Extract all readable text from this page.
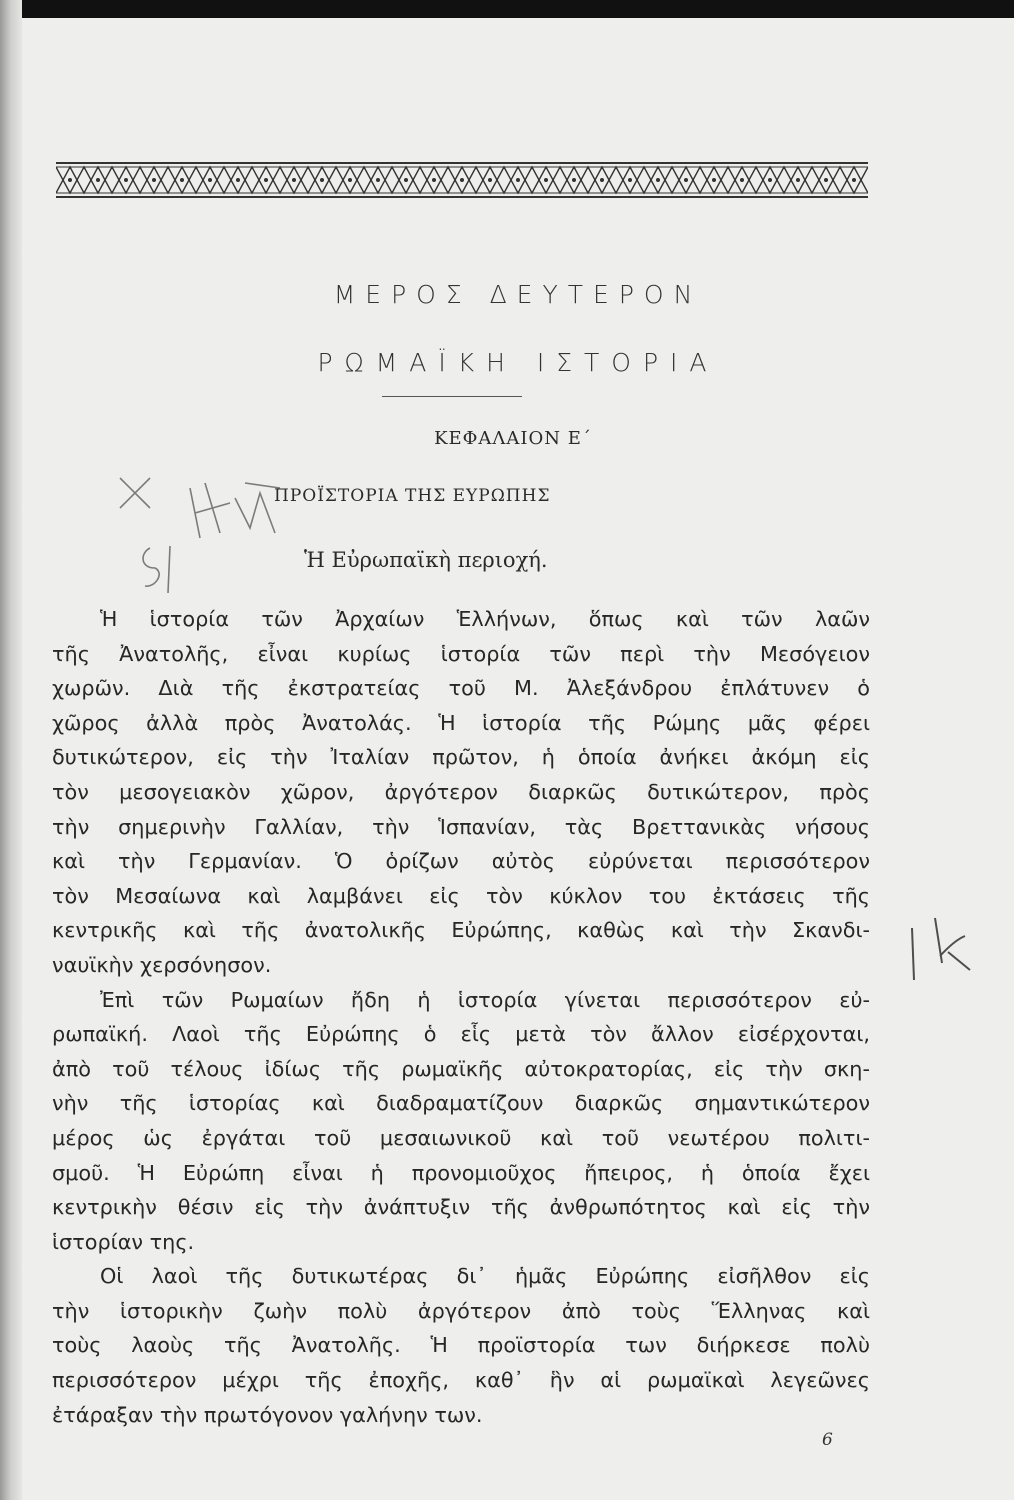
ΜΕΡΟΣ ΔΕΥΤΕΡΟΝ
ΡΩΜΑΪΚΗ ΙΣΤΟΡΙΑ
ΚΕΦΑΛΑΙΟΝ Ε΄
ΠΡΟΪΣΤΟΡΙΑ ΤΗΣ ΕΥΡΩΠΗΣ
Ἡ Εὐρωπαϊκὴ περιοχή.
Ἡ ἱστορία τῶν Ἀρχαίων Ἑλλήνων, ὅπως καὶ τῶν λαῶν
τῆς Ἀνατολῆς, εἶναι κυρίως ἱστορία τῶν περὶ τὴν Μεσόγειον
χωρῶν. Διὰ τῆς ἐκστρατείας τοῦ Μ. Ἀλεξάνδρου ἐπλάτυνεν ὁ
χῶρος ἀλλὰ πρὸς Ἀνατολάς. Ἡ ἱστορία τῆς Ρώμης μᾶς φέρει
δυτικώτερον, εἰς τὴν Ἰταλίαν πρῶτον, ἡ ὁποία ἀνήκει ἀκόμη εἰς
τὸν μεσογειακὸν χῶρον, ἀργότερον διαρκῶς δυτικώτερον, πρὸς
τὴν σημερινὴν Γαλλίαν, τὴν Ἱσπανίαν, τὰς Βρεττανικὰς νήσους
καὶ τὴν Γερμανίαν. Ὁ ὁρίζων αὐτὸς εὐρύνεται περισσότερον
τὸν Μεσαίωνα καὶ λαμβάνει εἰς τὸν κύκλον του ἐκτάσεις τῆς
κεντρικῆς καὶ τῆς ἀνατολικῆς Εὐρώπης, καθὼς καὶ τὴν Σκανδι-
ναυϊκὴν χερσόνησον.
Ἐπὶ τῶν Ρωμαίων ἤδη ἡ ἱστορία γίνεται περισσότερον εὐ-
ρωπαϊκή. Λαοὶ τῆς Εὐρώπης ὁ εἷς μετὰ τὸν ἄλλον εἰσέρχονται,
ἀπὸ τοῦ τέλους ἰδίως τῆς ρωμαϊκῆς αὐτοκρατορίας, εἰς τὴν σκη-
νὴν τῆς ἱστορίας καὶ διαδραματίζουν διαρκῶς σημαντικώτερον
μέρος ὡς ἐργάται τοῦ μεσαιωνικοῦ καὶ τοῦ νεωτέρου πολιτι-
σμοῦ. Ἡ Εὐρώπη εἶναι ἡ προνομιοῦχος ἤπειρος, ἡ ὁποία ἔχει
κεντρικὴν θέσιν εἰς τὴν ἀνάπτυξιν τῆς ἀνθρωπότητος καὶ εἰς τὴν
ἱστορίαν της.
Οἱ λαοὶ τῆς δυτικωτέρας δι᾿ ἡμᾶς Εὐρώπης εἰσῆλθον εἰς
τὴν ἱστορικὴν ζωὴν πολὺ ἀργότερον ἀπὸ τοὺς Ἕλληνας καὶ
τοὺς λαοὺς τῆς Ἀνατολῆς. Ἡ προϊστορία των διήρκεσε πολὺ
περισσότερον μέχρι τῆς ἐποχῆς, καθ᾿ ἣν αἱ ρωμαϊκαὶ λεγεῶνες
ἐτάραξαν τὴν πρωτόγονον γαλήνην των.
6
